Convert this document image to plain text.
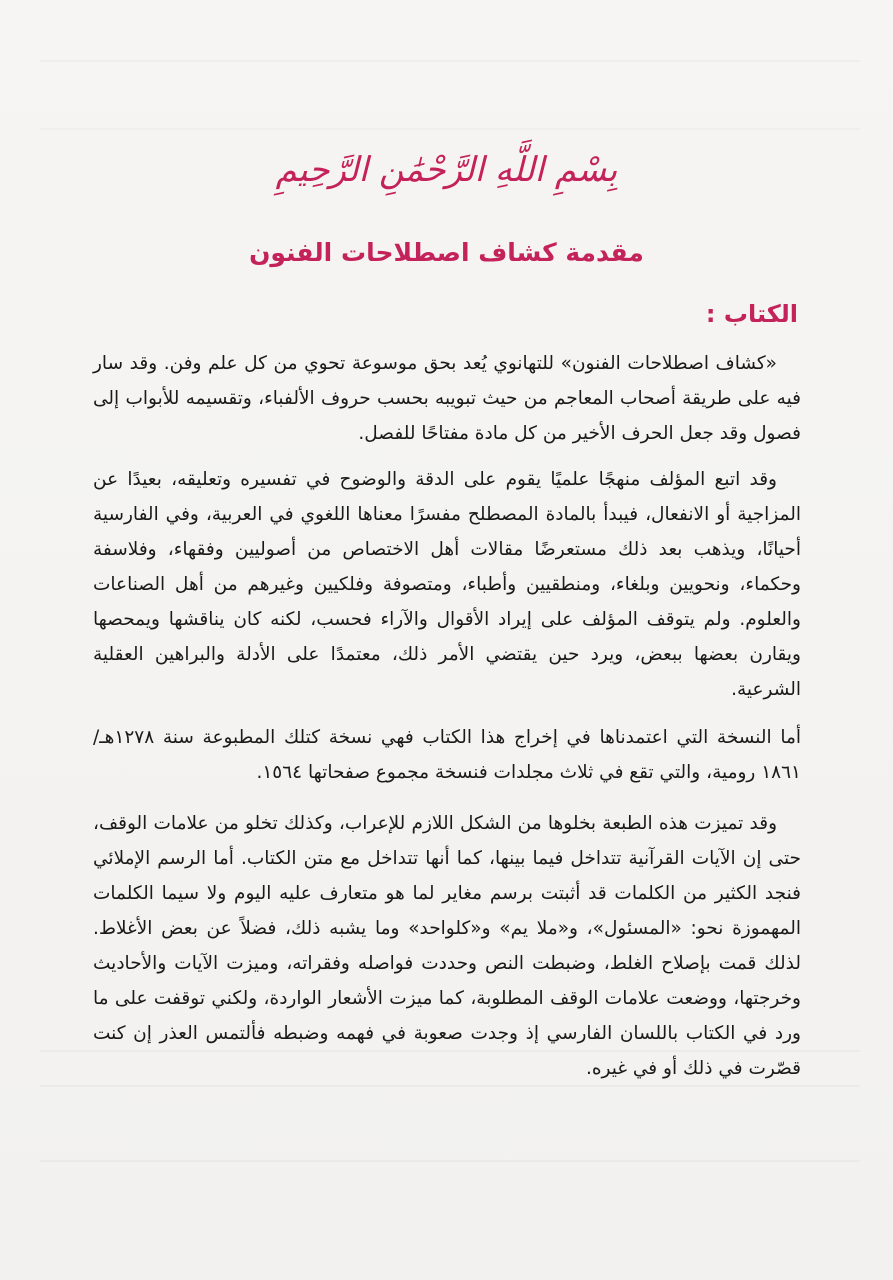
بِسْمِ اللَّهِ الرَّحْمَٰنِ الرَّحِيمِ
مقدمة كشاف اصطلاحات الفنون
الكتاب :

«كشاف اصطلاحات الفنون» للتهانوي يُعد بحق موسوعة تحوي من كل علم وفن. وقد سار فيه على طريقة أصحاب المعاجم من حيث تبويبه بحسب حروف الألفباء، وتقسيمه للأبواب إلى فصول وقد جعل الحرف الأخير من كل مادة مفتاحًا للفصل.

وقد اتبع المؤلف منهجًا علميًا يقوم على الدقة والوضوح في تفسيره وتعليقه، بعيدًا عن المزاجية أو الانفعال، فيبدأ بالمادة المصطلح مفسرًا معناها اللغوي في العربية، وفي الفارسية أحيانًا، ويذهب بعد ذلك مستعرضًا مقالات أهل الاختصاص من أصوليين وفقهاء، وفلاسفة وحكماء، ونحويين وبلغاء، ومنطقيين وأطباء، ومتصوفة وفلكيين وغيرهم من أهل الصناعات والعلوم. ولم يتوقف المؤلف على إيراد الأقوال والآراء فحسب، لكنه كان يناقشها ويمحصها ويقارن بعضها ببعض، ويرد حين يقتضي الأمر ذلك، معتمدًا على الأدلة والبراهين العقلية الشرعية.

أما النسخة التي اعتمدناها في إخراج هذا الكتاب فهي نسخة كتلك المطبوعة سنة ١٢٧٨هـ/ ١٨٦١ رومية، والتي تقع في ثلاث مجلدات فنسخة مجموع صفحاتها ١٥٦٤.

وقد تميزت هذه الطبعة بخلوها من الشكل اللازم للإعراب، وكذلك تخلو من علامات الوقف، حتى إن الآيات القرآنية تتداخل فيما بينها، كما أنها تتداخل مع متن الكتاب. أما الرسم الإملائي فنجد الكثير من الكلمات قد أثبتت برسم مغاير لما هو متعارف عليه اليوم ولا سيما الكلمات المهموزة نحو: «المسئول»، و«ملا يم» و«كلواحد» وما يشبه ذلك، فضلاً عن بعض الأغلاط. لذلك قمت بإصلاح الغلط، وضبطت النص وحددت فواصله وفقراته، وميزت الآيات والأحاديث وخرجتها، ووضعت علامات الوقف المطلوبة، كما ميزت الأشعار الواردة، ولكني توقفت على ما ورد في الكتاب باللسان الفارسي إذ وجدت صعوبة في فهمه وضبطه فألتمس العذر إن كنت قصّرت في ذلك أو في غيره.
